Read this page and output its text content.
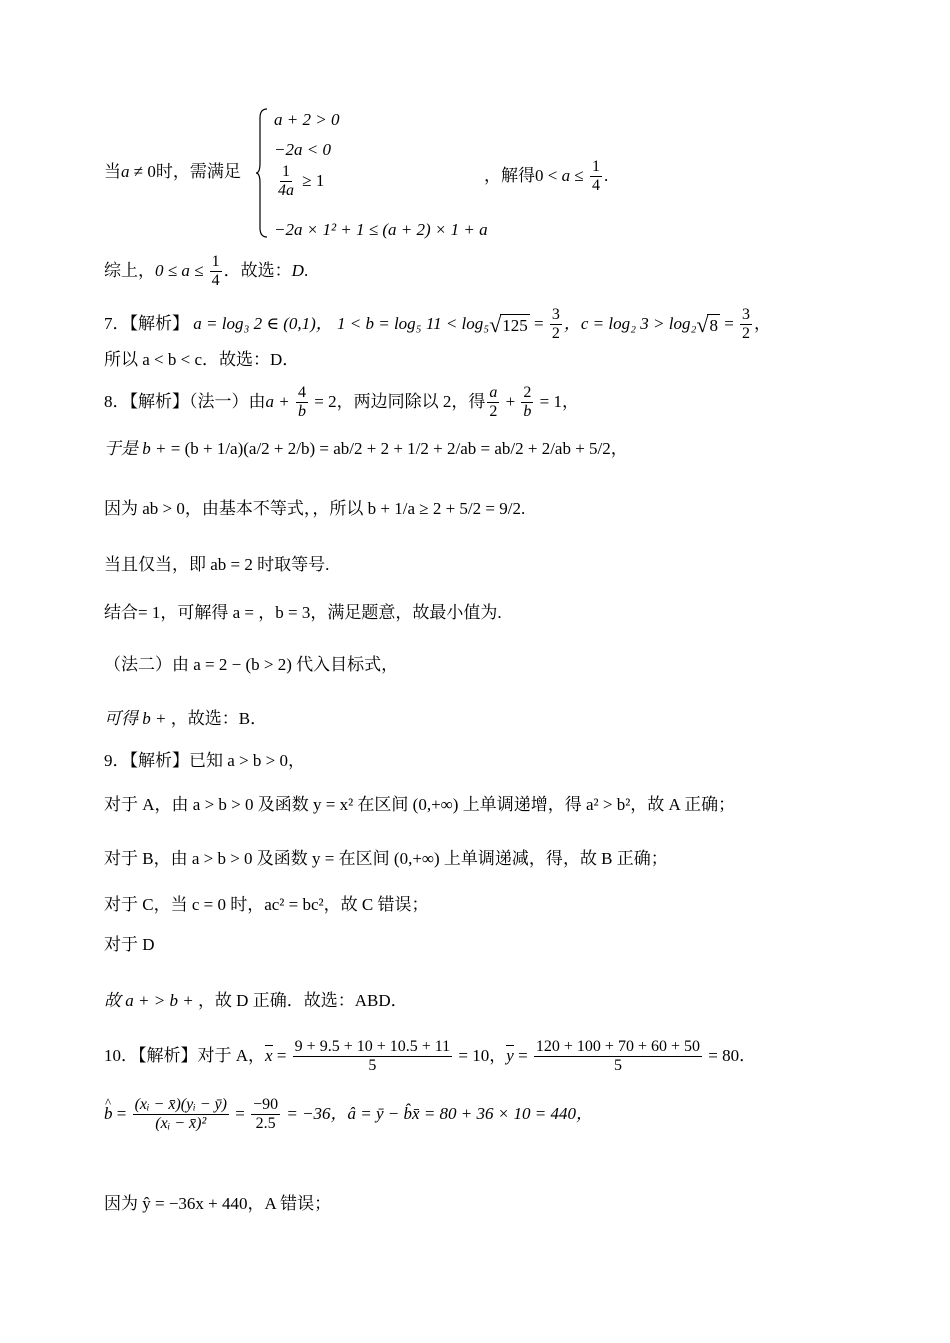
当a ≠ 0时，需满足
a + 2 > 0
−2a < 0
$\frac{1}{4a} \ge 1$
−2a × 1² + 1 ≤ (a + 2) × 1 + a
，解得$0 < a \le \frac{1}{4}$ .
综上，$0 \le a \le \frac{1}{4}$ ．故选：D.
7．【解析】 a = log₃ 2 ∈ (0,1)， 1 < b = log₅ 11 < log₅ √ $125 = \frac{3}{2}$ ，c = log₂ 3 > log₂ √ $8 = \frac{3}{2}$ ，
所以 a < b < c．故选：D．
8．【解析】（法一）由$a + \frac{4}{b} = 2$，两边同除以 2，得 $\frac{a}{2} + \frac{2}{b} = 1$，
于是 b + = (b + 1/a)(a/2 + 2/b) = ab/2 + 2 + 1/2 + 2/ab = ab/2 + 2/ab + 5/2，
因为 ab > 0，由基本不等式，，所以 b + 1/a ≥ 2 + 5/2 = 9/2.
当且仅当，即 ab = 2 时取等号.
结合= 1，可解得 a = ，b = 3，满足题意，故最小值为.
（法二）由 a = 2 − (b > 2) 代入目标式，
可得 b + ，故选：B．
9．【解析】已知 a > b > 0，
对于 A，由 a > b > 0 及函数 y = x² 在区间 (0,+∞) 上单调递增，得 a² > b²，故 A 正确；
对于 B，由 a > b > 0 及函数 y = 在区间 (0,+∞) 上单调递减，得，故 B 正确；
对于 C，当 c = 0 时，ac² = bc²，故 C 错误；
对于 D
故 a + > b + ，故 D 正确．故选：ABD．
10．【解析】对于 A，$x = \frac{9 + 9.5 + 10 + 10.5 + 11}{5} = 10$，$y = \frac{120 + 100 + 70 + 60 + 50}{5} = 80$．
^ $b = \frac{\text{(xᵢ − x̄)(yᵢ − ȳ)}}{\text{(xᵢ − x̄)²}} = \frac{-90}{2.5} = -36$，â = ȳ − b̂x̄ = 80 + 36 × 10 = 440，
因为 ŷ = −36x + 440，A 错误；
